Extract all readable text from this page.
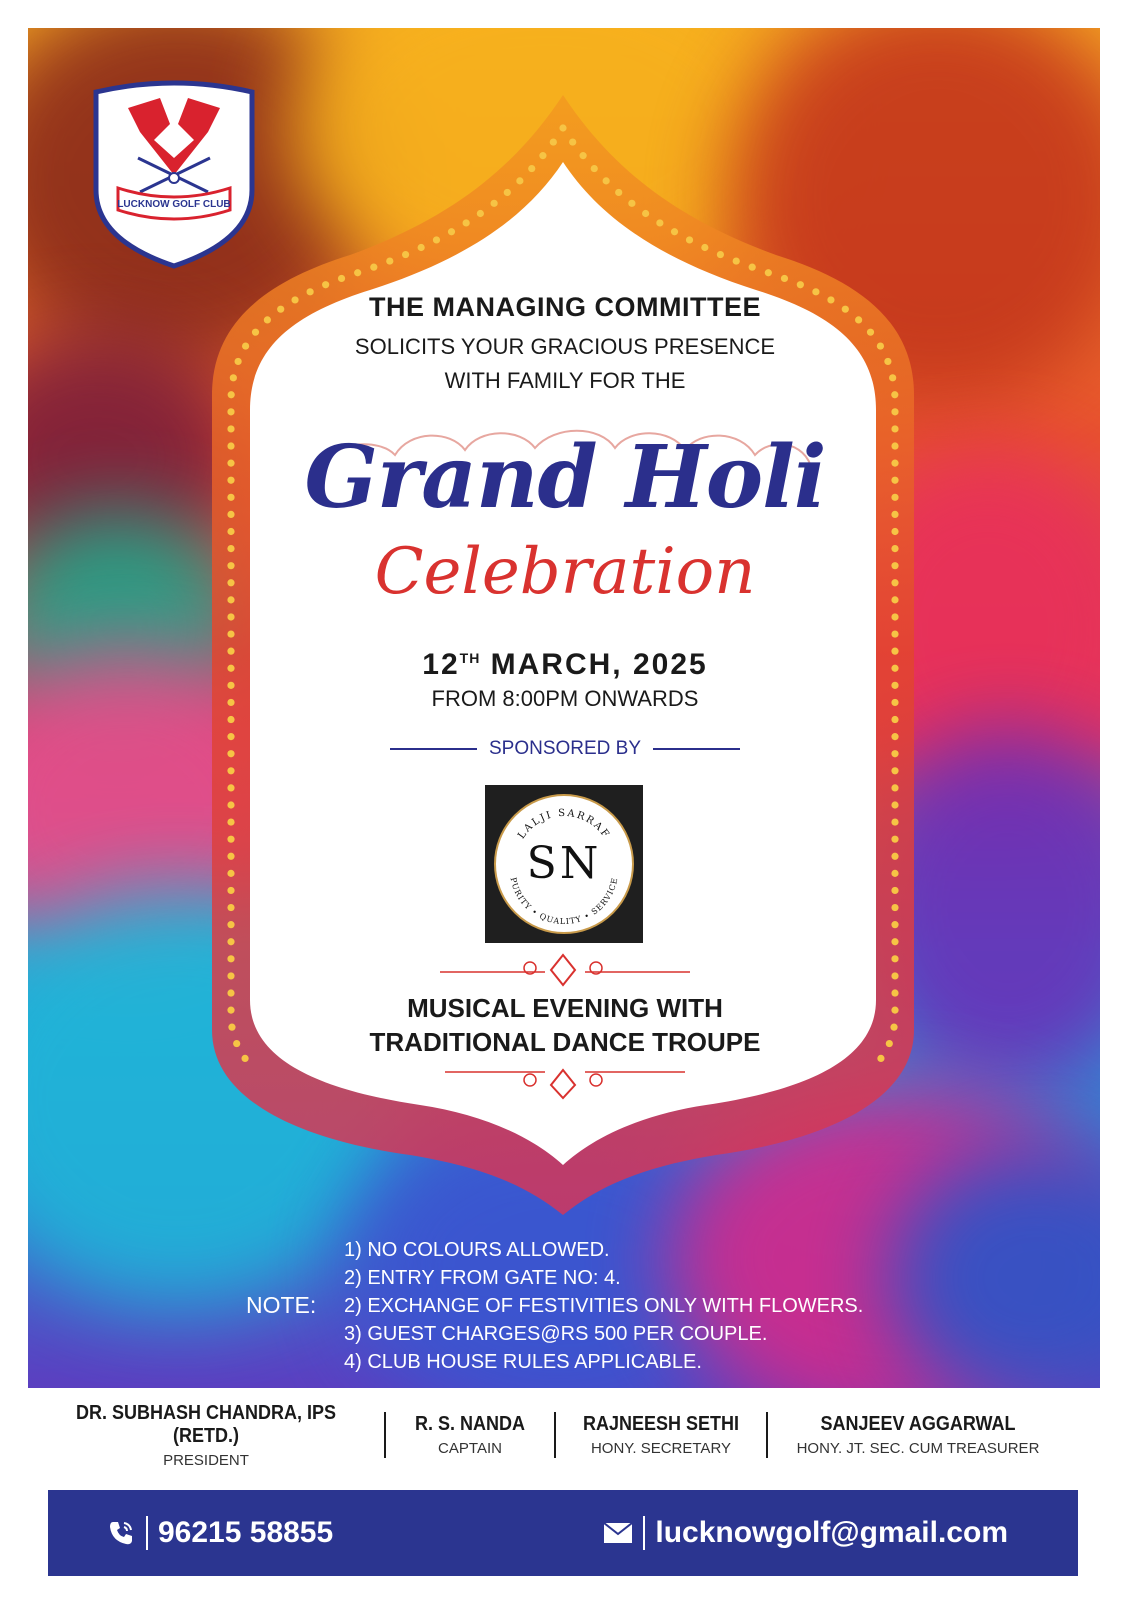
LUCKNOW GOLF CLUB
THE MANAGING COMMITTEE
SOLICITS YOUR GRACIOUS PRESENCE
WITH FAMILY FOR THE
Grand Holi
Celebration
12TH MARCH, 2025
FROM 8:00PM ONWARDS
SPONSORED BY
LALJI SARRAF
PURITY • QUALITY • SERVICE
SN
MUSICAL EVENING WITH
TRADITIONAL DANCE TROUPE
NOTE:
1) NO COLOURS ALLOWED.
2) ENTRY FROM GATE NO: 4.
2) EXCHANGE OF FESTIVITIES ONLY WITH FLOWERS.
3) GUEST CHARGES@RS 500 PER COUPLE.
4) CLUB HOUSE RULES APPLICABLE.
DR. SUBHASH CHANDRA, IPS (RETD.)
PRESIDENT
R. S. NANDA
CAPTAIN
RAJNEESH SETHI
HONY. SECRETARY
SANJEEV AGGARWAL
HONY. JT. SEC. CUM TREASURER
96215 58855	lucknowgolf@gmail.com
